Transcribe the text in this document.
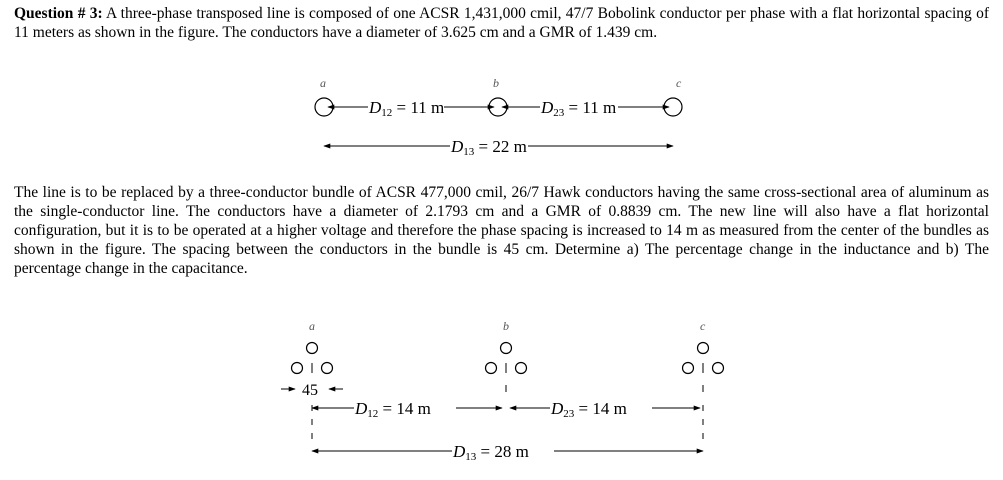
Question # 3: A three-phase transposed line is composed of one ACSR 1,431,000 cmil, 47/7 Bobolink conductor per phase with a flat horizontal spacing of 11 meters as shown in the figure. The conductors have a diameter of 3.625 cm and a GMR of 1.439 cm.

The line is to be replaced by a three-conductor bundle of ACSR 477,000 cmil, 26/7 Hawk conductors having the same cross-sectional area of aluminum as the single-conductor line. The conductors have a diameter of 2.1793 cm and a GMR of 0.8839 cm. The new line will also have a flat horizontal configuration, but it is to be operated at a higher voltage and therefore the phase spacing is increased to 14 m as measured from the center of the bundles as shown in the figure. The spacing between the conductors in the bundle is 45 cm. Determine a) The percentage change in the inductance and b) The percentage change in the capacitance.

a	b	c
D12 = 11 m	D23 = 11 m
D13 = 22 m
a	b	c
45
D12 = 14 m	D23 = 14 m
D13 = 28 m
